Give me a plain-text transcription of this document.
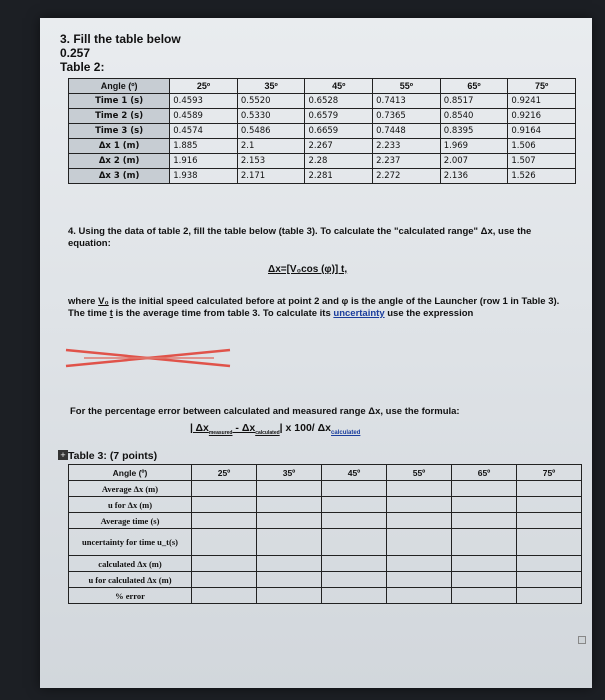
3. Fill the table below
0.257
Table 2:
Angle (º)	25º	35º	45º	55º	65º	75º
Time 1 (s)	0.4593	0.5520	0.6528	0.7413	0.8517	0.9241
Time 2 (s)	0.4589	0.5330	0.6579	0.7365	0.8540	0.9216
Time 3 (s)	0.4574	0.5486	0.6659	0.7448	0.8395	0.9164
Δx 1 (m)	1.885	2.1	2.267	2.233	1.969	1.506
Δx 2 (m)	1.916	2.153	2.28	2.237	2.007	1.507
Δx 3 (m)	1.938	2.171	2.281	2.272	2.136	1.526
4. Using the data of table 2, fill the table below (table 3). To calculate the "calculated range" Δx, use the equation:
Δx=[V₀cos (φ)] t,
where V₀ is the initial speed calculated before at point 2 and φ is the angle of the Launcher (row 1 in Table 3). The time t is the average time from table 3. To calculate its uncertainty use the expression
For the percentage error between calculated and measured range Δx, use the formula:
| $\Delta x_{measured} - \Delta x_{calculated}|$ x 100/ $\Delta x_{calculated}$
+ Table 3: (7 points)
Angle (º)	25º	35º	45º	55º	65º	75º
Average Δx (m)						
u for Δx (m)						
Average time (s)						
uncertainty for time u_t(s)						
calculated Δx (m)						
u for calculated Δx (m)						
% error						
